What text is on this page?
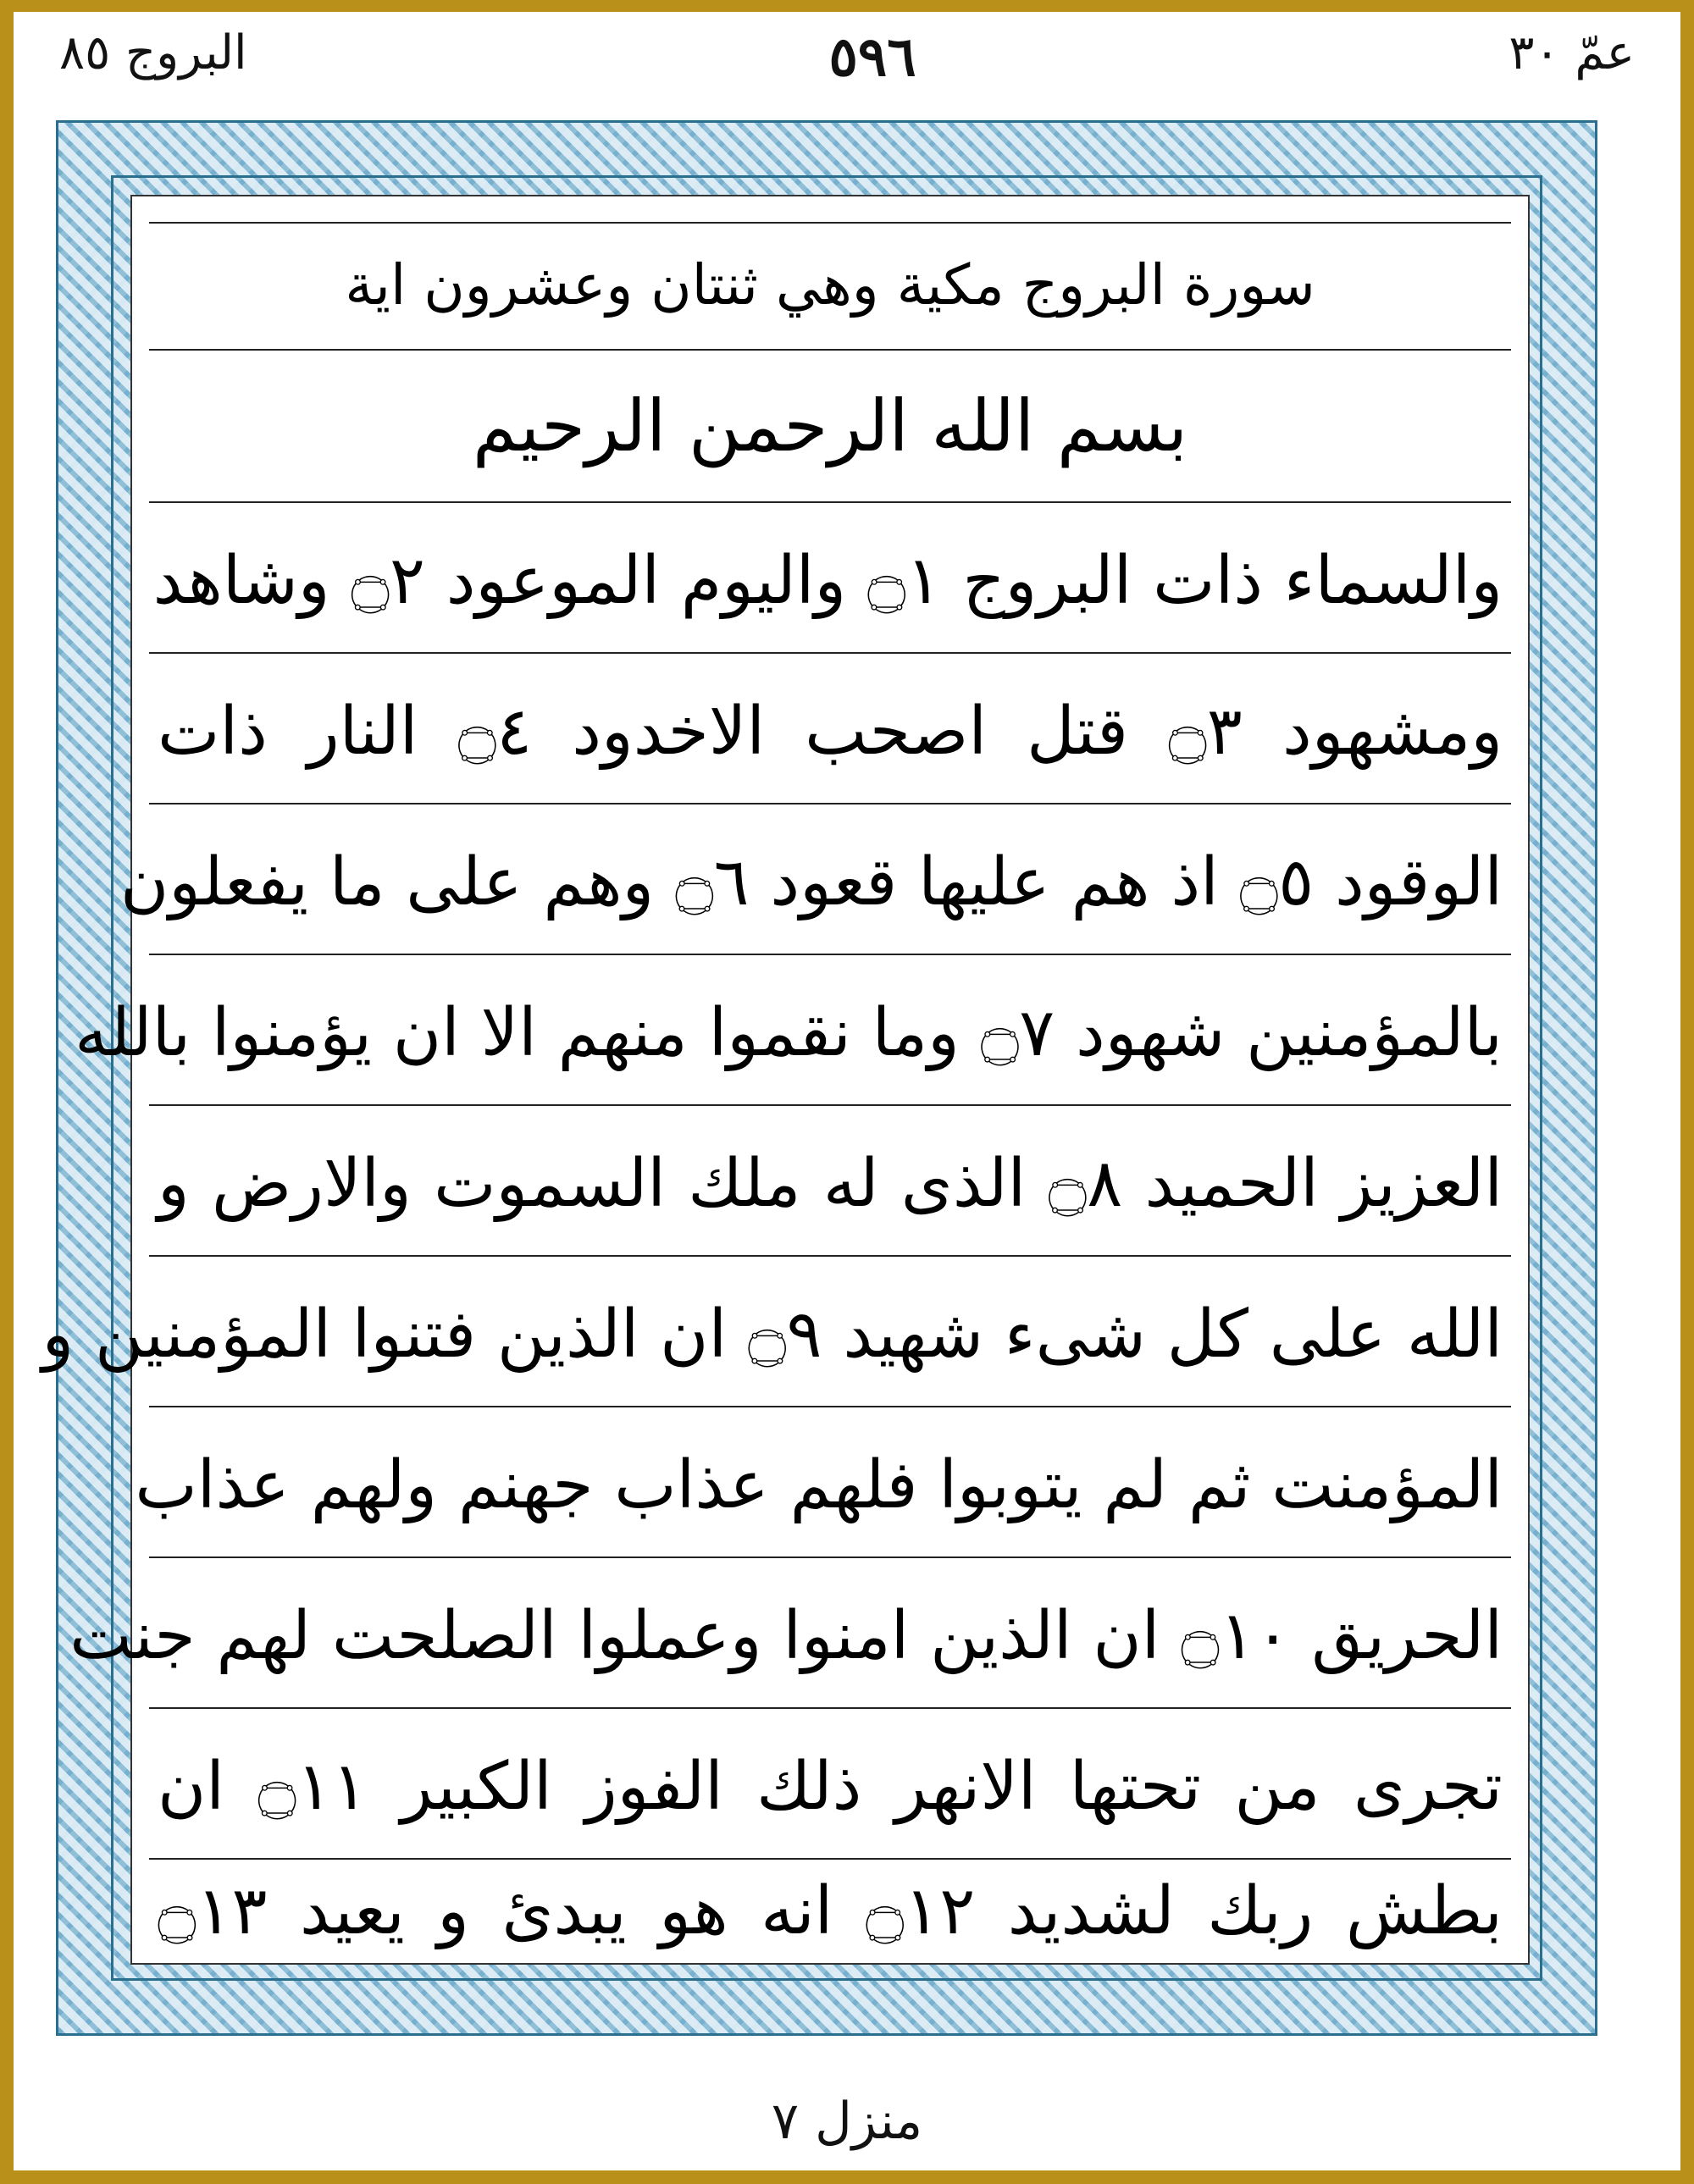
البروج ٨٥	٥٩٦	عمّ ٣٠
سورة البروج مكية وهي ثنتان وعشرون اية
بسم الله الرحمن الرحيم
والسماء ذات البروج ۝١ واليوم الموعود ۝٢ وشاهد
ومشهود ۝٣ قتل اصحب الاخدود ۝٤ النار ذات
الوقود ۝٥ اذ هم عليها قعود ۝٦ وهم على ما يفعلون
بالمؤمنين شهود ۝٧ وما نقموا منهم الا ان يؤمنوا بالله
العزيز الحميد ۝٨ الذى له ملك السموت والارض و
الله على كل شىء شهيد ۝٩ ان الذين فتنوا المؤمنين و
المؤمنت ثم لم يتوبوا فلهم عذاب جهنم ولهم عذاب
الحريق ۝١٠ ان الذين امنوا وعملوا الصلحت لهم جنت
تجرى من تحتها الانهر ذلك الفوز الكبير ۝١١ ان
بطش ربك لشديد ۝١٢ انه هو يبدئ و يعيد ۝١٣
منزل ٧
